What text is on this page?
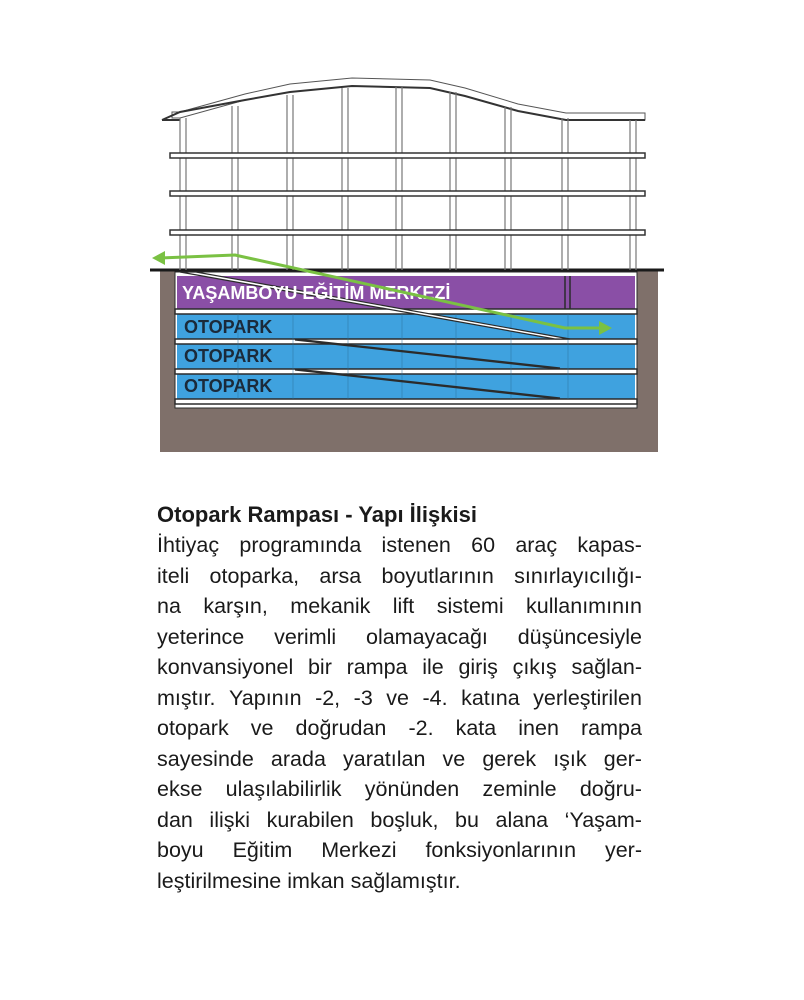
YAŞAMBOYU EĞİTİM MERKEZİ
OTOPARK
OTOPARK
OTOPARK
Otopark Rampası - Yapı İlişkisi
İhtiyaç programında istenen 60 araç kapas-
iteli otoparka, arsa boyutlarının sınırlayıcılığı-
na karşın, mekanik lift sistemi kullanımının
yeterince verimli olamayacağı düşüncesiyle
konvansiyonel bir rampa ile giriş çıkış sağlan-
mıştır. Yapının -2, -3 ve -4. katına yerleştirilen
otopark ve doğrudan -2. kata inen rampa
sayesinde arada yaratılan ve gerek ışık ger-
ekse ulaşılabilirlik yönünden zeminle doğru-
dan ilişki kurabilen boşluk, bu alana ‘Yaşam-
boyu Eğitim Merkezi fonksiyonlarının yer-
leştirilmesine imkan sağlamıştır.
